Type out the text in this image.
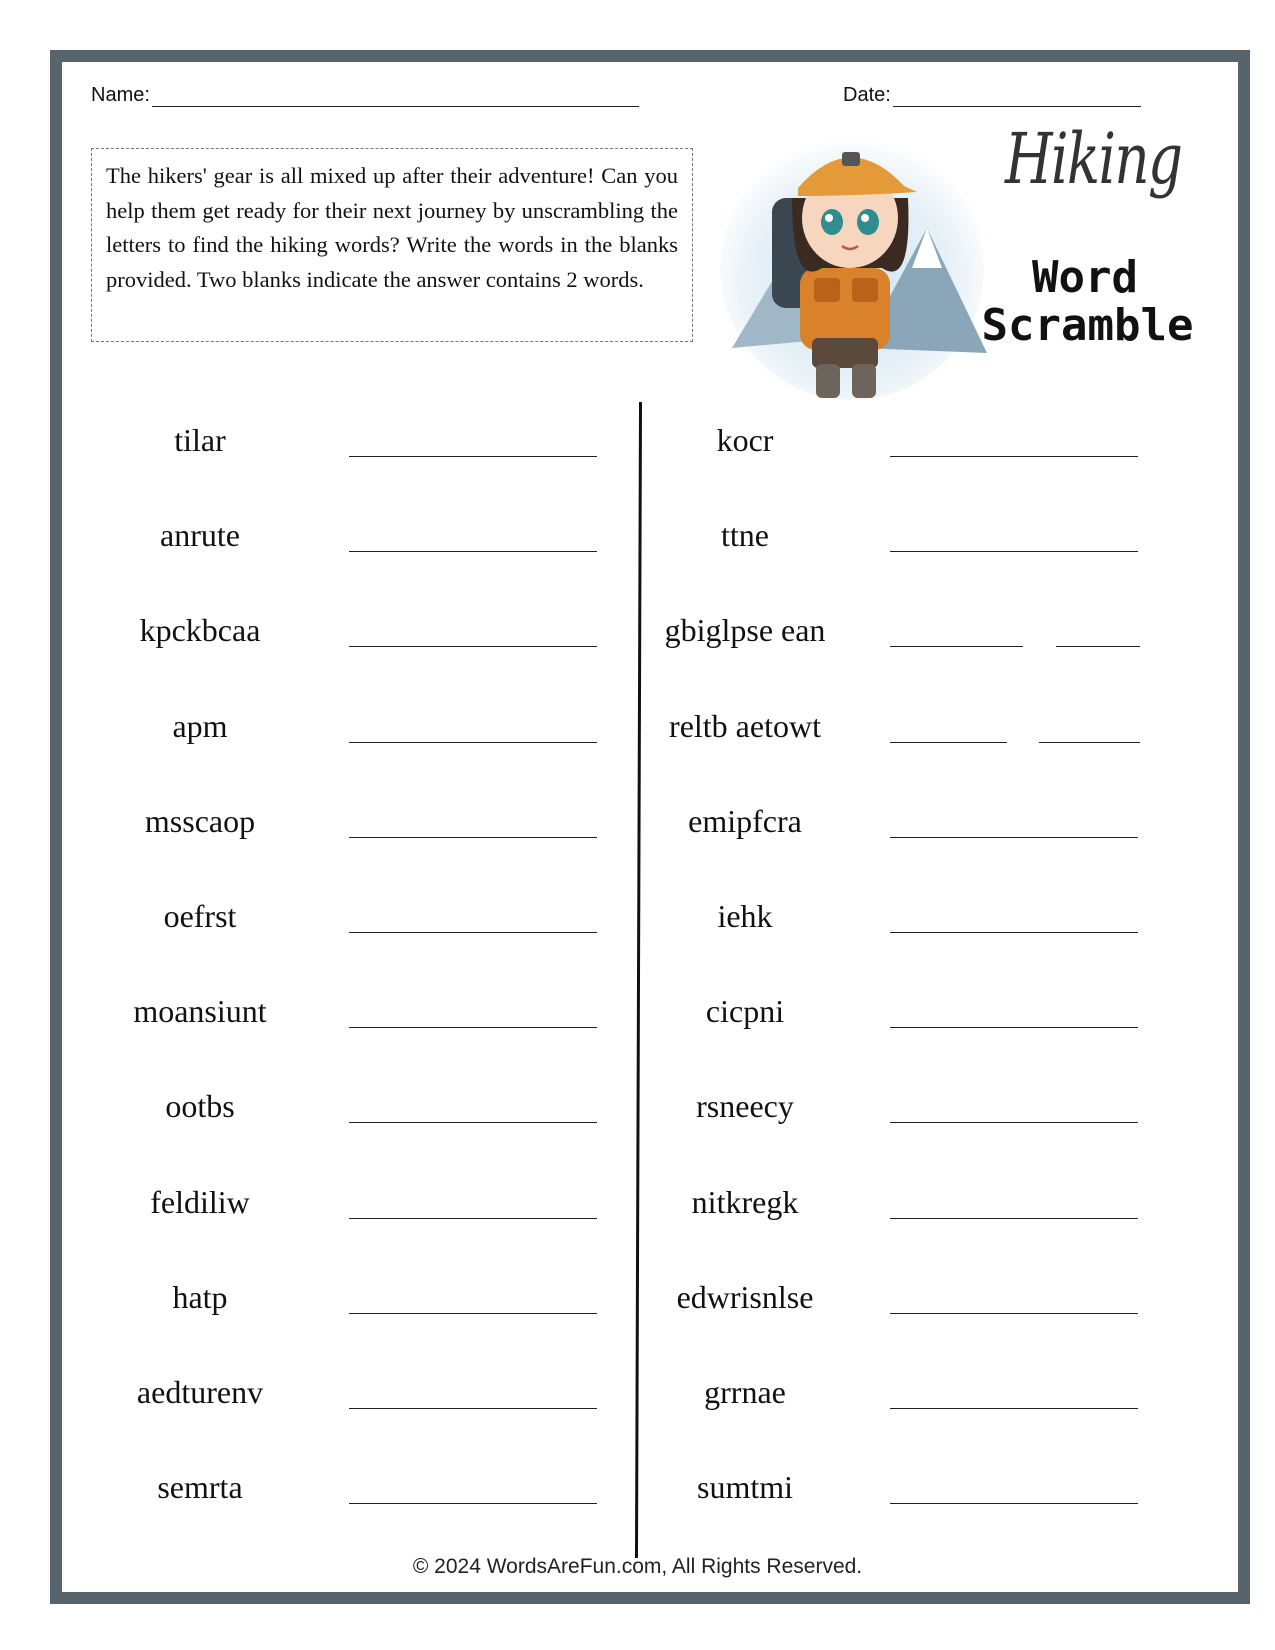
Name:	Date:
The hikers' gear is all mixed up after their adventure! Can you help them get ready for their next journey by unscrambling the letters to find the hiking words? Write the words in the blanks provided. Two blanks indicate the answer contains 2 words.
Hiking
Word
Scramble
tilar
anrute
kpckbcaa
apm
msscaop
oefrst
moansiunt
ootbs
feldiliw
hatp
aedturenv
semrta
kocr
ttne
gbiglpse ean
reltb aetowt
emipfcra
iehk
cicpni
rsneecy
nitkregk
edwrisnlse
grrnae
sumtmi
© 2024 WordsAreFun.com, All Rights Reserved.
